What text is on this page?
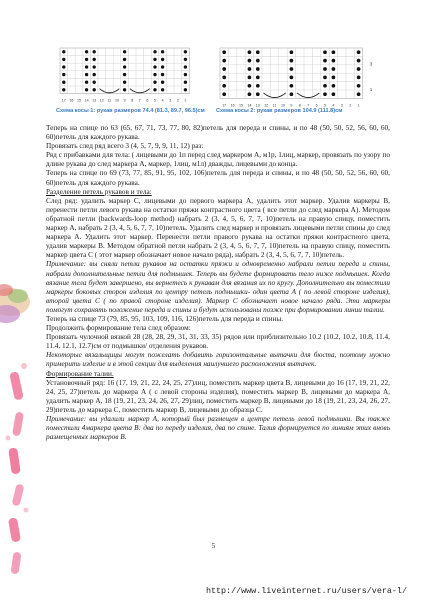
17 16 15 14 13 12 11 10 9 8 7 6 5 4 3 2 1
Схема косы 1: рукав размеров 74.4 (81.3, 89.7, 96.5)см
17 16 15 14 13 12 11 10 9 8 7 6 5 4 3 2 1
3
1
Схема косы 2: рукав размеров 104.9 (111.8)см

Теперь на спице по 63 (65, 67, 71, 73, 77, 80, 82)петель для переда и спины, и по 48 (50, 50, 52, 56, 60, 60, 60)петель для каждого рукава.

Провязать след ряд всего 3 (4, 5, 7, 9, 9, 11, 12) раз:

Ряд с прибавками для тела: ( лицевыми до 1п перед след маркером А, м1р, 1лиц, маркер, провязать по узору по длине рукава до след маркера А, маркер, 1лиц, м1л) дважды, лицевыми до конца.

Теперь на спице по 69 (73, 77, 85, 91, 95, 102, 106)петель для переда и спины, и по 48 (50, 50, 52, 56, 60, 60, 60)петель для каждого рукава.

Разделение петель рукавов и тела:

След ряд: удалить маркер С, лицевыми до первого маркера А, удалить этот маркер. Удалив маркеры В, перенести петли левого рукава на остатки пряжи контрастного цвета ( все петли до след маркера А). Методом обратной петли (backwards-loop method) набрать 2 (3, 4, 5, 6, 7, 7, 10)петель на правую спицу, поместить маркер А, набрать 2 (3, 4, 5, 6, 7, 7, 10)петель. Удалить след маркер и провязать лицевыми петли спины до след маркера А. Удалить этот маркер. Перенести петли правого рукава на остатки пряжи контрастного цвета, удалив маркеры В. Методом обратной петли набрать 2 (3, 4, 5, 6, 7, 7, 10)петель на правую спицу, поместить маркер цвета С ( этот маркер обозначает новое начало ряда), набрать 2 (3, 4, 5, 6, 7, 7, 10)петель.

Примечание: вы сняли петли рукавов на остатки пряжи и одновременно набрали петли переда и спины, набрали дополнительные петли для подмышек. Теперь вы будете формировать тело ниже подмышек. Когда вязание тела будет завершено, вы вернетесь к рукавам для вязания их по кругу. Дополнительно вы поместили маркеры боковых сторон изделия по центру петель подмышки- один цвета А ( по левой стороне изделия), второй цвета С ( по правой стороне изделия). Маркер С обозначает новое начало ряда. Эти маркеры помогут сохранять положение переда и спины и будут использованы позже при формировании линии талии.

Теперь на спице 73 (79, 85, 95, 103, 109, 116, 126)петель для переда и спины.

Продолжить формирование тела след образом:

Провязать чулочной вязкой 28 (28, 28, 29, 31, 31, 33, 35) рядов или приблизительно 10.2 (10.2, 10.2, 10.8, 11.4, 11.4, 12.1, 12.7)см от подмышки/ отделения рукавов.

Некоторые вязальщицы могут пожелать добавить горизонтальные вытачки для бюста, поэтому нужно примерить изделие и в этой секции для выделения наилучшего расположения вытачек.

Формирование талии.

Установочный ряд: 16 (17, 19, 21, 22, 24, 25, 27)лиц, поместить маркер цвета В, лицевыми до 16 (17, 19, 21, 22, 24, 25, 27)петель до маркера А ( с левой стороны изделия), поместить маркер В, лицевыми до маркера А, удалить маркер А, 18 (19, 21, 23, 24, 26, 27, 29)лиц, поместить маркер В, лицевыми до 18 (19, 21, 23, 24, 26, 27, 29)петель до маркера С, поместить маркер В, лицевыми до образца С.

Примечание: вы удалили маркер А, который был размещен в центре петель левой подмышки. Вы также поместили 4маркера цвета В: два по переду изделия, два по спине. Талия формируется по линиям этих вновь размещенных маркеров В.

5
http://www.liveinternet.ru/users/vera-l/
